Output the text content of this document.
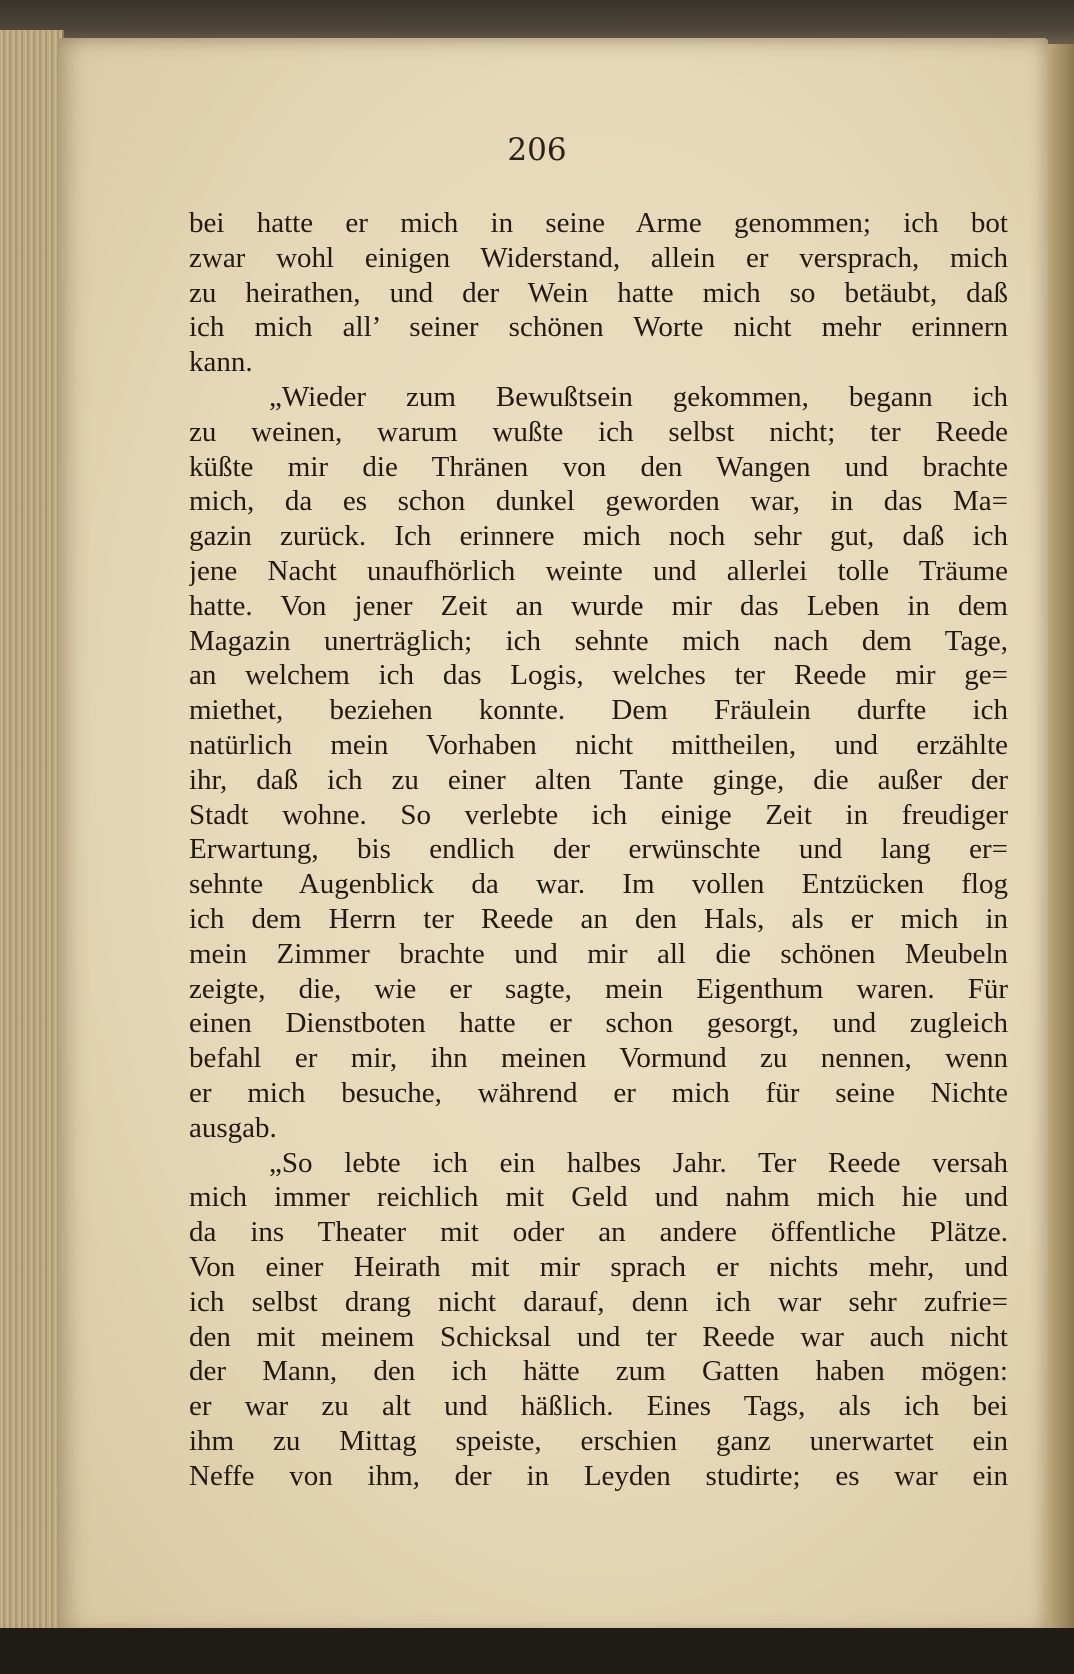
206

bei hatte er mich in seine Arme genommen; ich bot
zwar wohl einigen Widerstand, allein er versprach, mich
zu heirathen, und der Wein hatte mich so betäubt, daß
ich mich all’ seiner schönen Worte nicht mehr erinnern
kann.
„Wieder zum Bewußtsein gekommen, begann ich
zu weinen, warum wußte ich selbst nicht; ter Reede
küßte mir die Thränen von den Wangen und brachte
mich, da es schon dunkel geworden war, in das Ma=
gazin zurück. Ich erinnere mich noch sehr gut, daß ich
jene Nacht unaufhörlich weinte und allerlei tolle Träume
hatte. Von jener Zeit an wurde mir das Leben in dem
Magazin unerträglich; ich sehnte mich nach dem Tage,
an welchem ich das Logis, welches ter Reede mir ge=
miethet, beziehen konnte. Dem Fräulein durfte ich
natürlich mein Vorhaben nicht mittheilen, und erzählte
ihr, daß ich zu einer alten Tante ginge, die außer der
Stadt wohne. So verlebte ich einige Zeit in freudiger
Erwartung, bis endlich der erwünschte und lang er=
sehnte Augenblick da war. Im vollen Entzücken flog
ich dem Herrn ter Reede an den Hals, als er mich in
mein Zimmer brachte und mir all die schönen Meubeln
zeigte, die, wie er sagte, mein Eigenthum waren. Für
einen Dienstboten hatte er schon gesorgt, und zugleich
befahl er mir, ihn meinen Vormund zu nennen, wenn
er mich besuche, während er mich für seine Nichte
ausgab.
„So lebte ich ein halbes Jahr. Ter Reede versah
mich immer reichlich mit Geld und nahm mich hie und
da ins Theater mit oder an andere öffentliche Plätze.
Von einer Heirath mit mir sprach er nichts mehr, und
ich selbst drang nicht darauf, denn ich war sehr zufrie=
den mit meinem Schicksal und ter Reede war auch nicht
der Mann, den ich hätte zum Gatten haben mögen:
er war zu alt und häßlich. Eines Tags, als ich bei
ihm zu Mittag speiste, erschien ganz unerwartet ein
Neffe von ihm, der in Leyden studirte; es war ein
